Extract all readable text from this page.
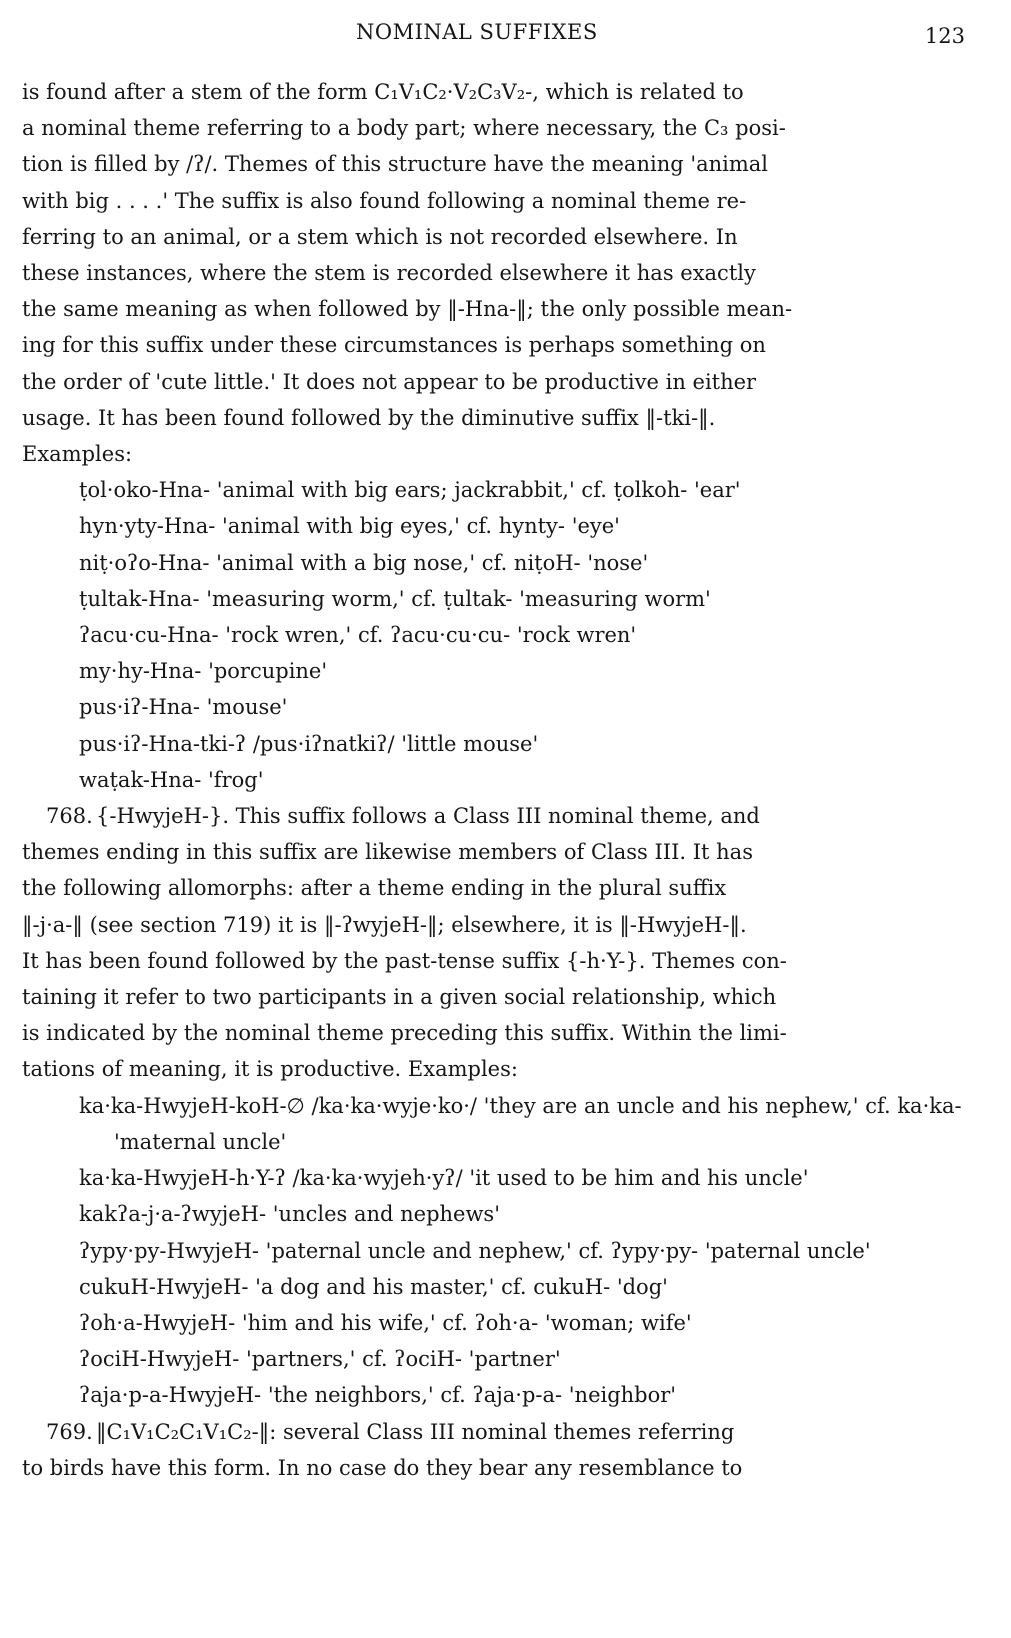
NOMINAL SUFFIXES	123

is found after a stem of the form C₁V₁C₂·V₂C₃V₂-, which is related to

a nominal theme referring to a body part; where necessary, the C₃ posi-

tion is filled by /ʔ/. Themes of this structure have the meaning 'animal

with big . . . .' The suffix is also found following a nominal theme re-

ferring to an animal, or a stem which is not recorded elsewhere. In

these instances, where the stem is recorded elsewhere it has exactly

the same meaning as when followed by ‖-Hna-‖; the only possible mean-

ing for this suffix under these circumstances is perhaps something on

the order of 'cute little.' It does not appear to be productive in either

usage. It has been found followed by the diminutive suffix ‖-tki-‖.

Examples:

ṭol·oko-Hna- 'animal with big ears; jackrabbit,' cf. ṭolkoh- 'ear'

hyn·yty-Hna- 'animal with big eyes,' cf. hynty- 'eye'

niṭ·oʔo-Hna- 'animal with a big nose,' cf. niṭoH- 'nose'

ṭultak-Hna- 'measuring worm,' cf. ṭultak- 'measuring worm'

ʔacu·cu-Hna- 'rock wren,' cf. ʔacu·cu·cu- 'rock wren'

my·hy-Hna- 'porcupine'

pus·iʔ-Hna- 'mouse'

pus·iʔ-Hna-tki-ʔ /pus·iʔnatkiʔ/ 'little mouse'

waṭak-Hna- 'frog'

768. {-HwyjeH-}. This suffix follows a Class III nominal theme, and

themes ending in this suffix are likewise members of Class III. It has

the following allomorphs: after a theme ending in the plural suffix

‖-j·a-‖ (see section 719) it is ‖-ʔwyjeH-‖; elsewhere, it is ‖-HwyjeH-‖.

It has been found followed by the past-tense suffix {-h·Y-}. Themes con-

taining it refer to two participants in a given social relationship, which

is indicated by the nominal theme preceding this suffix. Within the limi-

tations of meaning, it is productive. Examples:

ka·ka-HwyjeH-koH-∅ /ka·ka·wyje·ko·/ 'they are an uncle and his nephew,' cf. ka·ka- 'maternal uncle'

ka·ka-HwyjeH-h·Y-ʔ /ka·ka·wyjeh·yʔ/ 'it used to be him and his uncle'

kakʔa-j·a-ʔwyjeH- 'uncles and nephews'

ʔypy·py-HwyjeH- 'paternal uncle and nephew,' cf. ʔypy·py- 'paternal uncle'

cukuH-HwyjeH- 'a dog and his master,' cf. cukuH- 'dog'

ʔoh·a-HwyjeH- 'him and his wife,' cf. ʔoh·a- 'woman; wife'

ʔociH-HwyjeH- 'partners,' cf. ʔociH- 'partner'

ʔaja·p-a-HwyjeH- 'the neighbors,' cf. ʔaja·p-a- 'neighbor'

769. ‖C₁V₁C₂C₁V₁C₂-‖: several Class III nominal themes referring

to birds have this form. In no case do they bear any resemblance to
